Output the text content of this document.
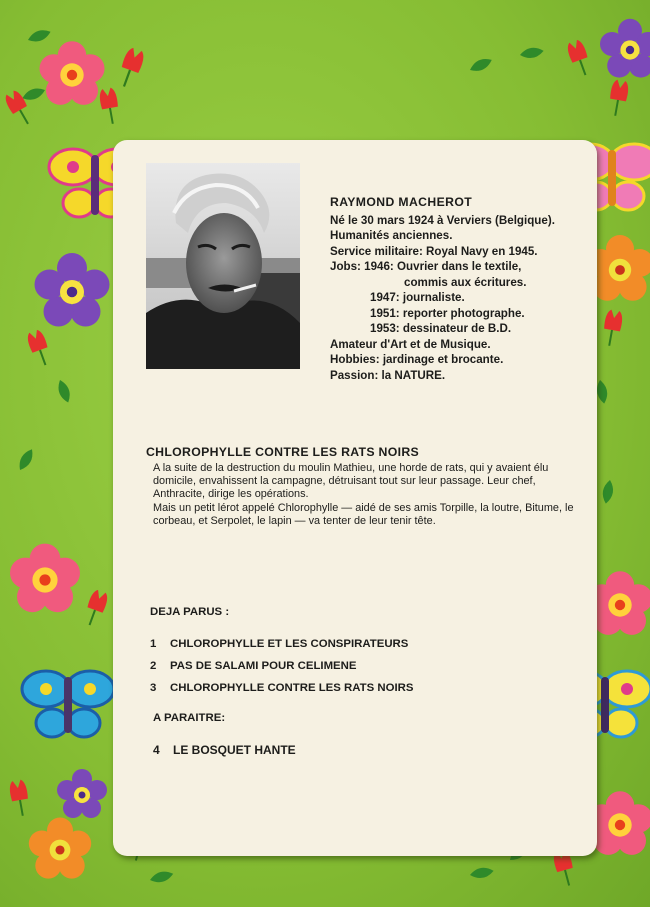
RAYMOND MACHEROT
Né le 30 mars 1924 à Verviers (Belgique).
Humanités anciennes.
Service militaire: Royal Navy en 1945.
Jobs: 1946: Ouvrier dans le textile,
commis aux écritures.
1947: journaliste.
1951: reporter photographe.
1953: dessinateur de B.D.
Amateur d'Art et de Musique.
Hobbies: jardinage et brocante.
Passion: la NATURE.
CHLOROPHYLLE CONTRE LES RATS NOIRS

A la suite de la destruction du moulin Mathieu, une horde de rats, qui y avaient élu domicile, envahissent la campagne, détruisant tout sur leur passage. Leur chef, Anthracite, dirige les opérations.

Mais un petit lérot appelé Chlorophylle — aidé de ses amis Torpille, la loutre, Bitume, le corbeau, et Serpolet, le lapin — va tenter de leur tenir tête.

DEJA PARUS :
1 CHLOROPHYLLE ET LES CONSPIRATEURS
2 PAS DE SALAMI POUR CELIMENE
3 CHLOROPHYLLE CONTRE LES RATS NOIRS
A PARAITRE:
4 LE BOSQUET HANTE
